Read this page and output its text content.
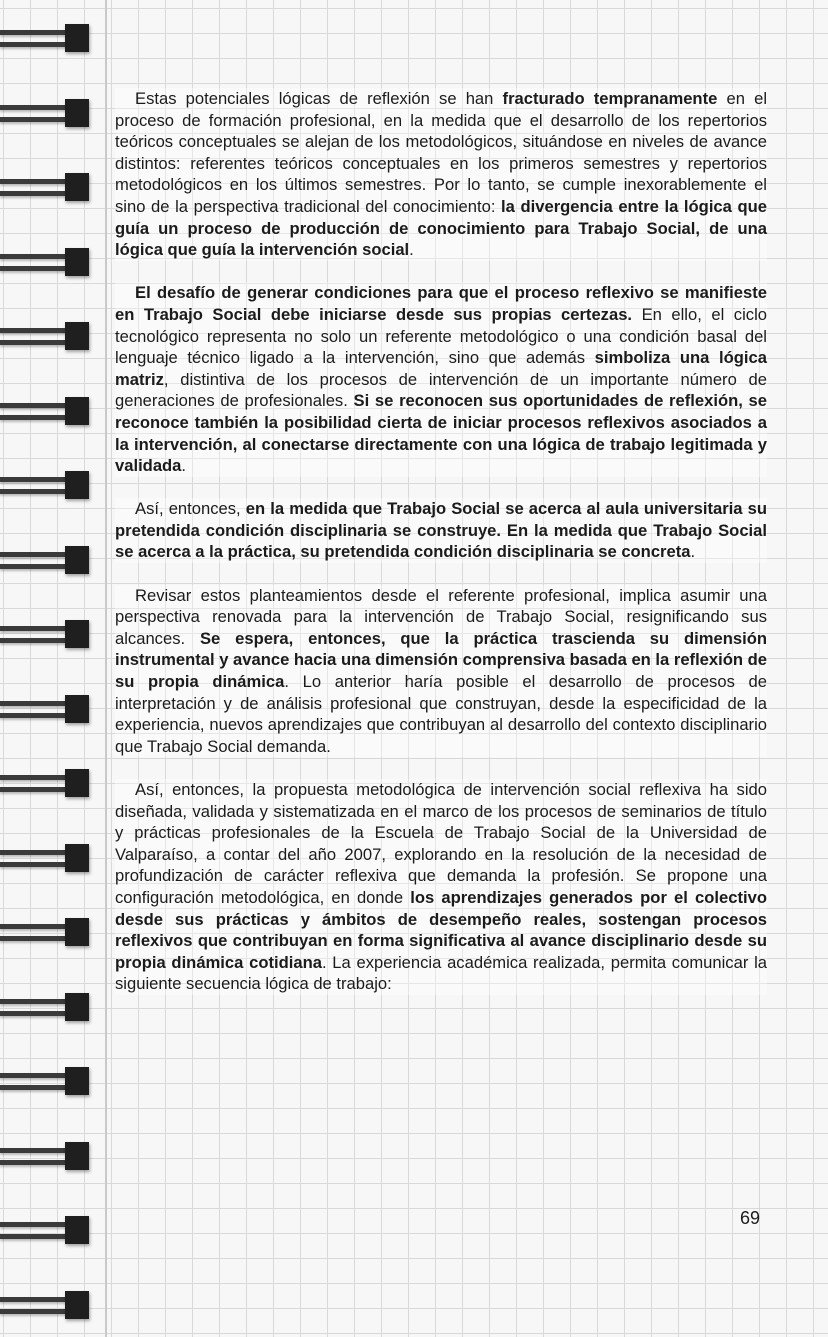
Estas potenciales lógicas de reflexión se han fracturado tempranamente en el proceso de formación profesional, en la medida que el desarrollo de los repertorios teóricos conceptuales se alejan de los metodológicos, situándose en niveles de avance distintos: referentes teóricos conceptuales en los primeros semestres y repertorios metodológicos en los últimos semestres. Por lo tanto, se cumple inexorablemente el sino de la perspectiva tradicional del conocimiento: la divergencia entre la lógica que guía un proceso de producción de conocimiento para Trabajo Social, de una lógica que guía la intervención social.

El desafío de generar condiciones para que el proceso reflexivo se manifieste en Trabajo Social debe iniciarse desde sus propias certezas. En ello, el ciclo tecnológico representa no solo un referente metodológico o una condición basal del lenguaje técnico ligado a la intervención, sino que además simboliza una lógica matriz, distintiva de los procesos de intervención de un importante número de generaciones de profesionales. Si se reconocen sus oportunidades de reflexión, se reconoce también la posibilidad cierta de iniciar procesos reflexivos asociados a la intervención, al conectarse directamente con una lógica de trabajo legitimada y validada.

Así, entonces, en la medida que Trabajo Social se acerca al aula universitaria su pretendida condición disciplinaria se construye. En la medida que Trabajo Social se acerca a la práctica, su pretendida condición disciplinaria se concreta.

Revisar estos planteamientos desde el referente profesional, implica asumir una perspectiva renovada para la intervención de Trabajo Social, resignificando sus alcances. Se espera, entonces, que la práctica trascienda su dimensión instrumental y avance hacia una dimensión comprensiva basada en la reflexión de su propia dinámica. Lo anterior haría posible el desarrollo de procesos de interpretación y de análisis profesional que construyan, desde la especificidad de la experiencia, nuevos aprendizajes que contribuyan al desarrollo del contexto disciplinario que Trabajo Social demanda.

Así, entonces, la propuesta metodológica de intervención social reflexiva ha sido diseñada, validada y sistematizada en el marco de los procesos de seminarios de título y prácticas profesionales de la Escuela de Trabajo Social de la Universidad de Valparaíso, a contar del año 2007, explorando en la resolución de la necesidad de profundización de carácter reflexiva que demanda la profesión. Se propone una configuración metodológica, en donde los aprendizajes generados por el colectivo desde sus prácticas y ámbitos de desempeño reales, sostengan procesos reflexivos que contribuyan en forma significativa al avance disciplinario desde su propia dinámica cotidiana. La experiencia académica realizada, permita comunicar la siguiente secuencia lógica de trabajo:

69
